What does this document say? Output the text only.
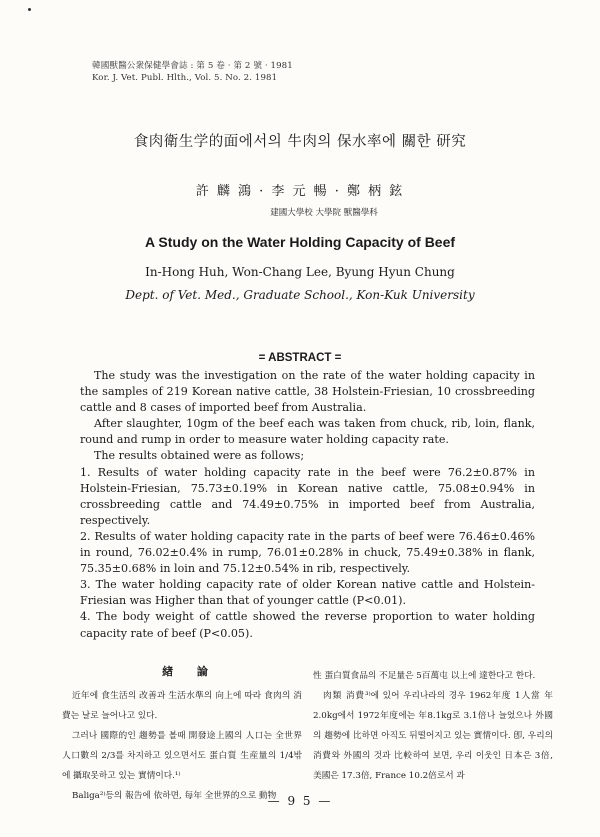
韓國獸醫公衆保健學會誌 : 第 5 卷 · 第 2 號 · 1981
Kor. J. Vet. Publ. Hlth., Vol. 5. No. 2. 1981
食肉衛生学的面에서의 牛肉의 保水率에 關한 研究
許 麟 鴻 · 李 元 暢 · 鄭 柄 鉉
建國大學校 大學院 獸醫學科
A Study on the Water Holding Capacity of Beef
In-Hong Huh, Won-Chang Lee, Byung Hyun Chung
Dept. of Vet. Med., Graduate School., Kon-Kuk University
= ABSTRACT =

The study was the investigation on the rate of the water holding capacity in the samples of 219 Korean native cattle, 38 Holstein-Friesian, 10 crossbreeding cattle and 8 cases of imported beef from Australia.

After slaughter, 10gm of the beef each was taken from chuck, rib, loin, flank, round and rump in order to measure water holding capacity rate.

The results obtained were as follows;

1. Results of water holding capacity rate in the beef were 76.2±0.87% in Holstein-Friesian, 75.73±0.19% in Korean native cattle, 75.08±0.94% in crossbreeding cattle and 74.49±0.75% in imported beef from Australia, respectively.

2. Results of water holding capacity rate in the parts of beef were 76.46±0.46% in round, 76.02±0.4% in rump, 76.01±0.28% in chuck, 75.49±0.38% in flank, 75.35±0.68% in loin and 75.12±0.54% in rib, respectively.

3. The water holding capacity rate of older Korean native cattle and Holstein-Friesian was Higher than that of younger cattle (P<0.01).

4. The body weight of cattle showed the reverse proportion to water holding capacity rate of beef (P<0.05).

緖 論

近年에 食生活의 改善과 生活水準의 向上에 따라 食肉의 消費는 날로 늘어나고 있다.

그러나 國際的인 趨勢를 볼때 開發途上國의 人口는 全世界人口數의 2/3를 차지하고 있으면서도 蛋白質 生産量의 1/4밖에 攝取못하고 있는 實情이다.¹⁾

Baliga²⁾등의 報告에 依하면, 每年 全世界的으로 動物

性 蛋白質食品의 不足量은 5百萬屯 以上에 達한다고 한다.

肉類 消費³⁾에 있어 우리나라의 경우 1962年度 1人當 年2.0kg에서 1972年度에는 年8.1kg로 3.1倍나 늘었으나 外國의 趨勢에 比하면 아직도 뒤떨어지고 있는 實情이다. 卽, 우리의 消費와 外國의 것과 比較하여 보면, 우리 이웃인 日本은 3倍, 美國은 17.3倍, France 10.2倍로서 과

— 9 5 —
